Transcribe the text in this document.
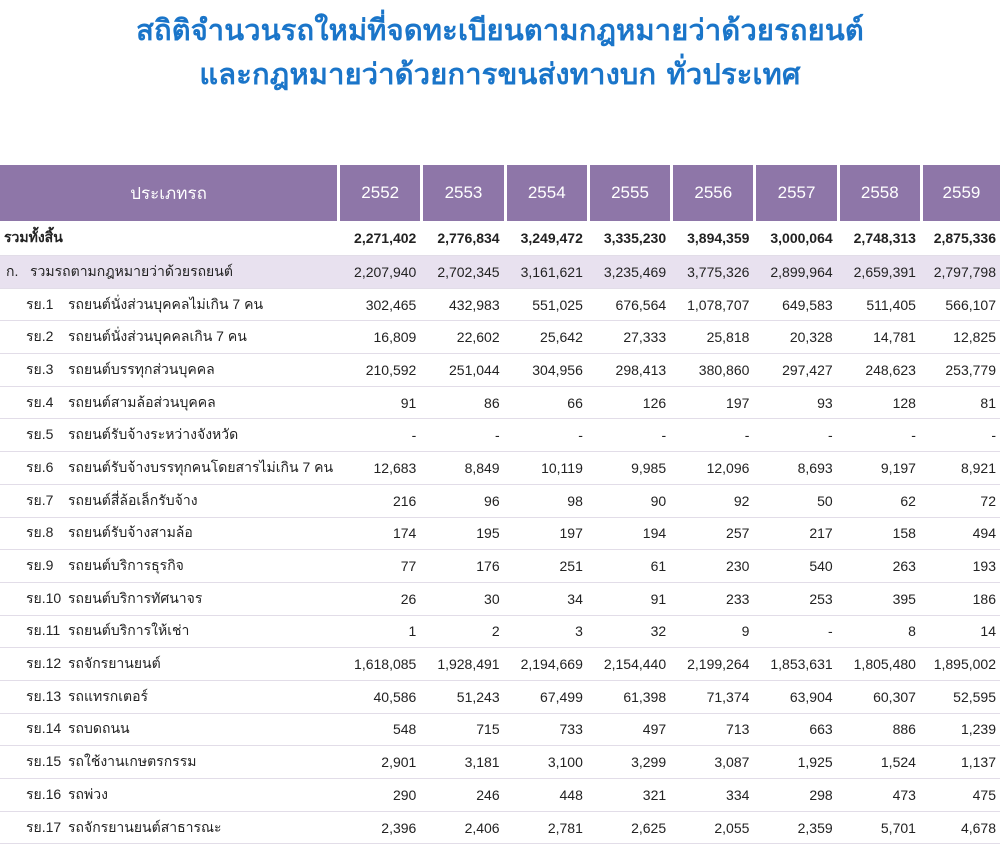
สถิติจำนวนรถใหม่ที่จดทะเบียนตามกฎหมายว่าด้วยรถยนต์
และกฎหมายว่าด้วยการขนส่งทางบก ทั่วประเทศ
ประเภทรถ	2552	2553	2554	2555	2556	2557	2558	2559
รวมทั้งสิ้น	2,271,402	2,776,834	3,249,472	3,335,230	3,894,359	3,000,064	2,748,313	2,875,336
ก. รวมรถตามกฎหมายว่าด้วยรถยนต์	2,207,940	2,702,345	3,161,621	3,235,469	3,775,326	2,899,964	2,659,391	2,797,798
รย.1 รถยนต์นั่งส่วนบุคคลไม่เกิน 7 คน	302,465	432,983	551,025	676,564	1,078,707	649,583	511,405	566,107
รย.2 รถยนต์นั่งส่วนบุคคลเกิน 7 คน	16,809	22,602	25,642	27,333	25,818	20,328	14,781	12,825
รย.3 รถยนต์บรรทุกส่วนบุคคล	210,592	251,044	304,956	298,413	380,860	297,427	248,623	253,779
รย.4 รถยนต์สามล้อส่วนบุคคล	91	86	66	126	197	93	128	81
รย.5 รถยนต์รับจ้างระหว่างจังหวัด	-	-	-	-	-	-	-	-
รย.6 รถยนต์รับจ้างบรรทุกคนโดยสารไม่เกิน 7 คน	12,683	8,849	10,119	9,985	12,096	8,693	9,197	8,921
รย.7 รถยนต์สี่ล้อเล็กรับจ้าง	216	96	98	90	92	50	62	72
รย.8 รถยนต์รับจ้างสามล้อ	174	195	197	194	257	217	158	494
รย.9 รถยนต์บริการธุรกิจ	77	176	251	61	230	540	263	193
รย.10 รถยนต์บริการทัศนาจร	26	30	34	91	233	253	395	186
รย.11 รถยนต์บริการให้เช่า	1	2	3	32	9	-	8	14
รย.12 รถจักรยานยนต์	1,618,085	1,928,491	2,194,669	2,154,440	2,199,264	1,853,631	1,805,480	1,895,002
รย.13 รถแทรกเตอร์	40,586	51,243	67,499	61,398	71,374	63,904	60,307	52,595
รย.14 รถบดถนน	548	715	733	497	713	663	886	1,239
รย.15 รถใช้งานเกษตรกรรม	2,901	3,181	3,100	3,299	3,087	1,925	1,524	1,137
รย.16 รถพ่วง	290	246	448	321	334	298	473	475
รย.17 รถจักรยานยนต์สาธารณะ	2,396	2,406	2,781	2,625	2,055	2,359	5,701	4,678
